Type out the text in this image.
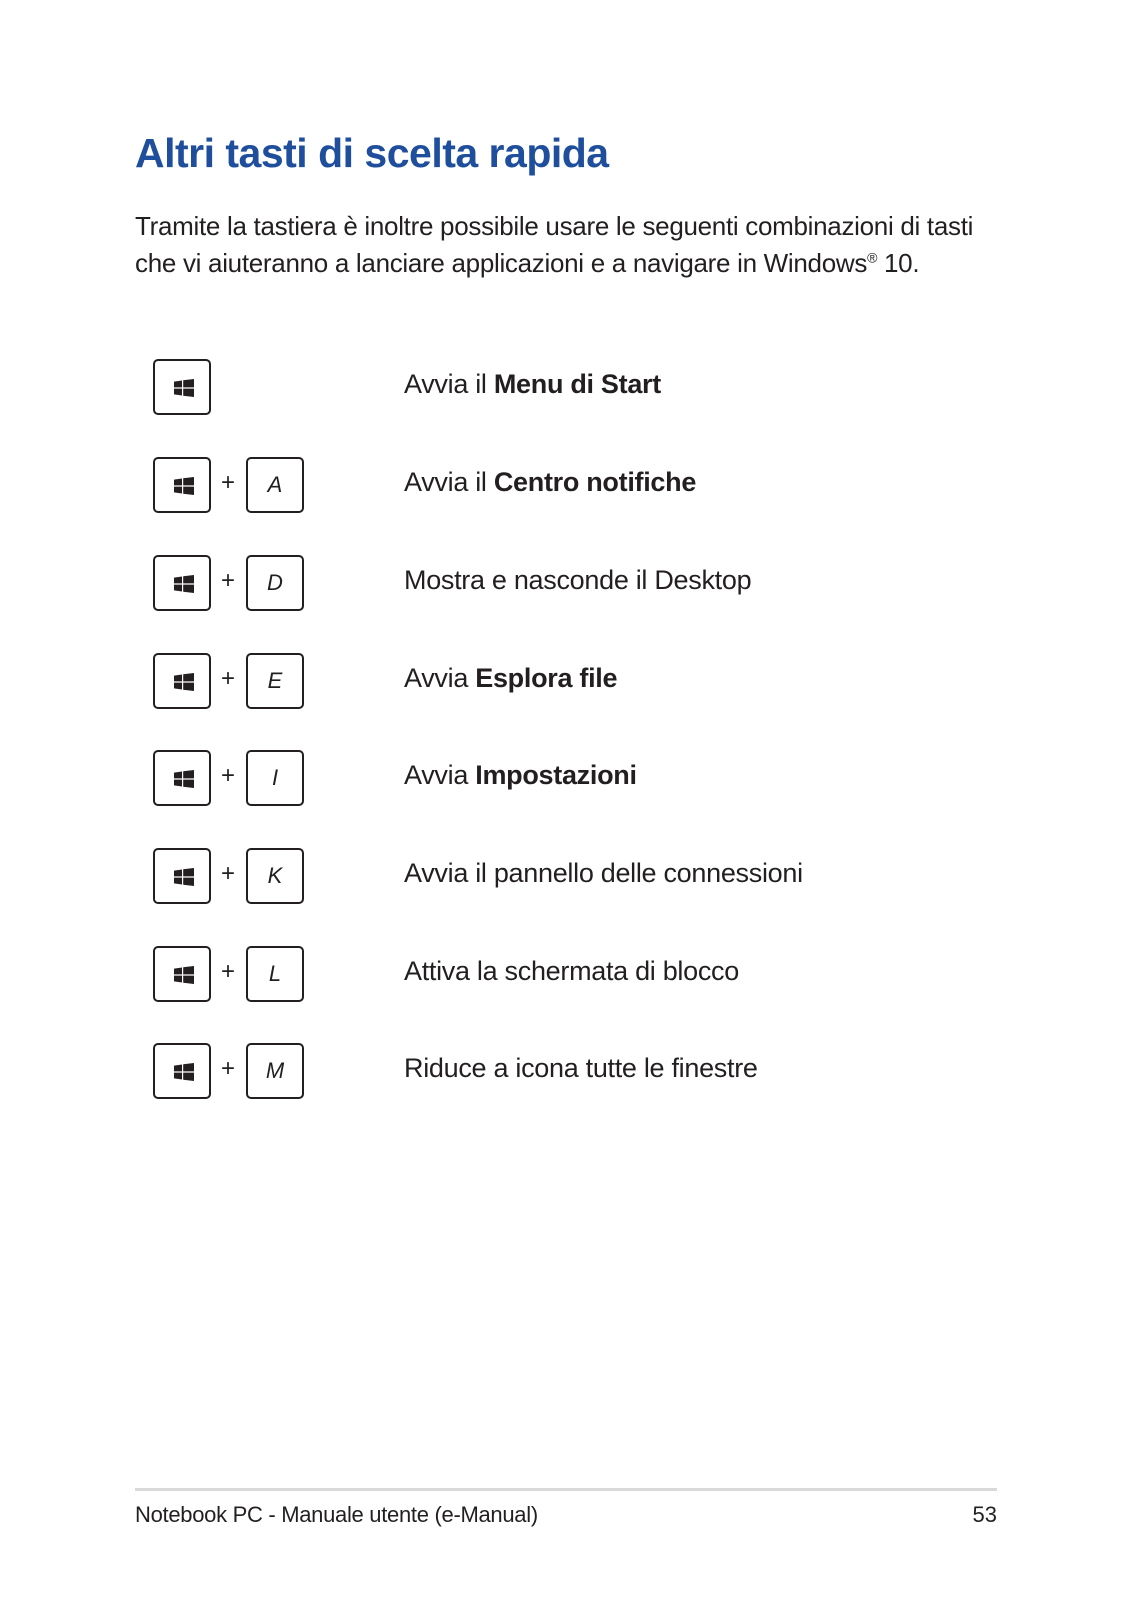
Altri tasti di scelta rapida
Tramite la tastiera è inoltre possibile usare le seguenti combinazioni di tasti che vi aiuteranno a lanciare applicazioni e a navigare in Windows® 10.
Avvia il Menu di Start
+	A	Avvia il Centro notifiche
+	D	Mostra e nasconde il Desktop
+	E	Avvia Esplora file
+	I	Avvia Impostazioni
+	K	Avvia il pannello delle connessioni
+	L	Attiva la schermata di blocco
+	M	Riduce a icona tutte le finestre
Notebook PC - Manuale utente (e-Manual)	53
